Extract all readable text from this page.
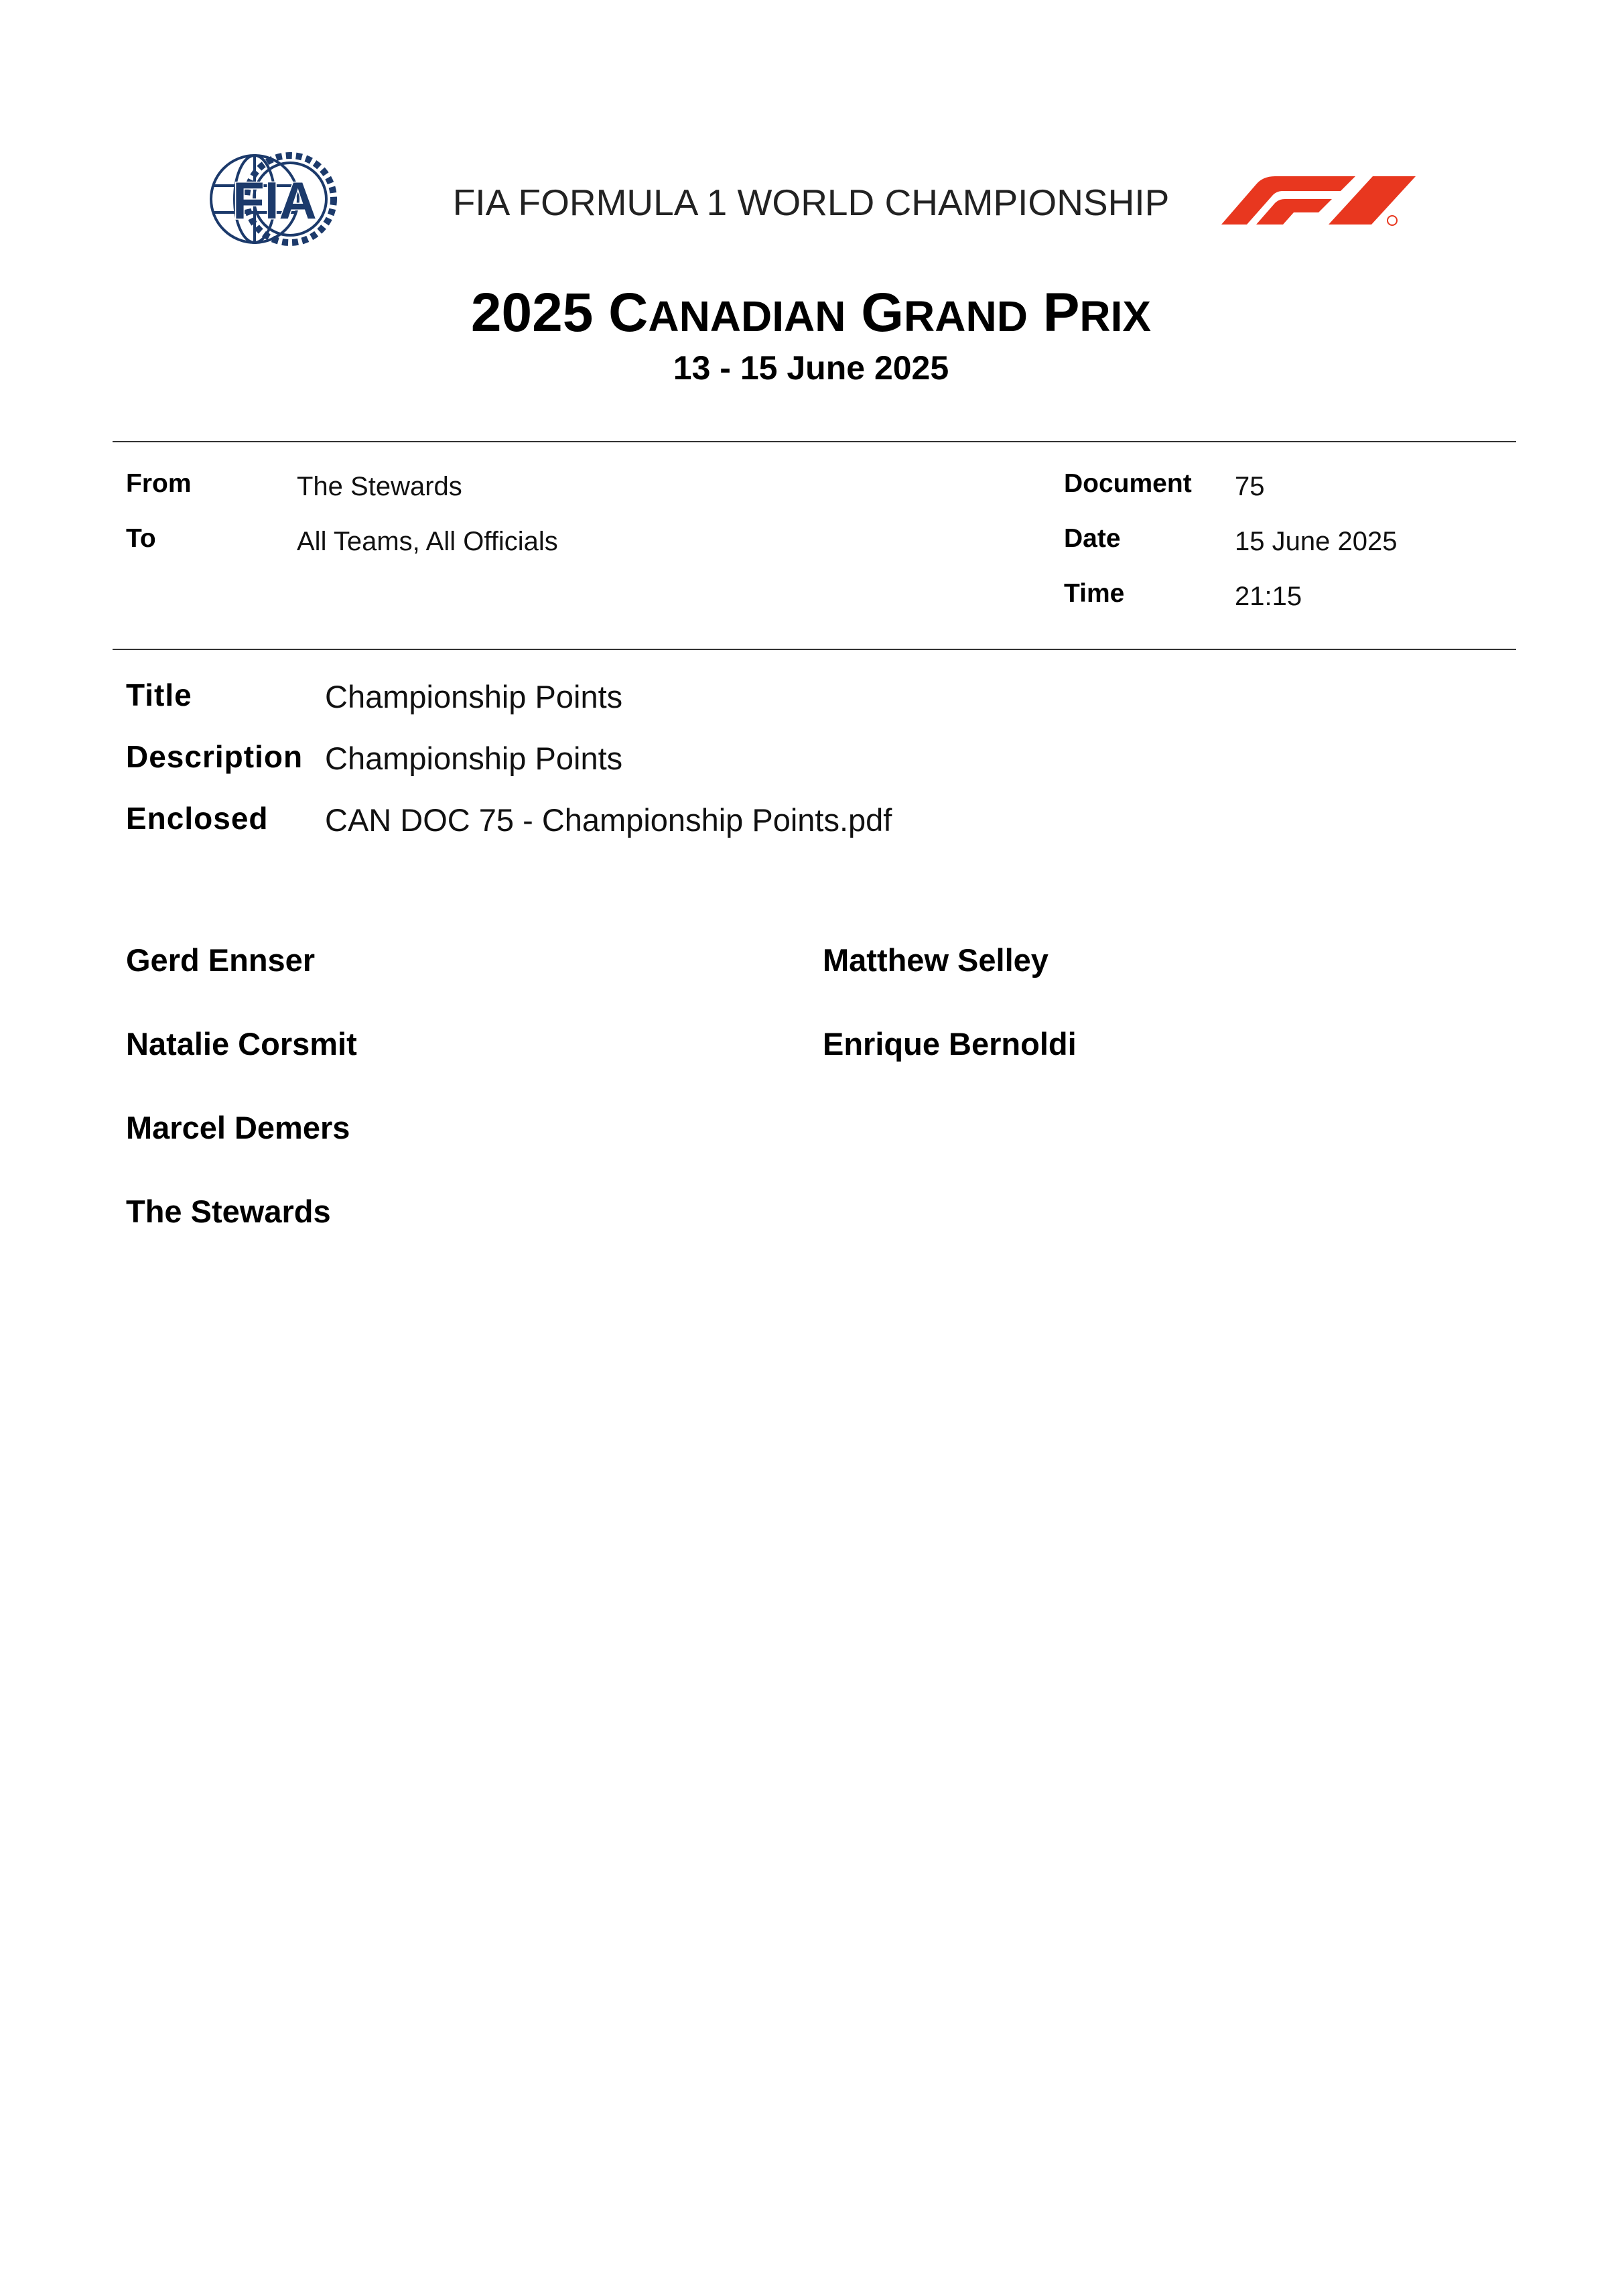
FIA	FIA FORMULA 1 WORLD CHAMPIONSHIP
2025 CANADIAN GRAND PRIX
13 - 15 June 2025
From	The Stewards
To	All Teams, All Officials
Document 75
Date	15 June 2025
Time	21:15
Title	Championship Points
Description Championship Points
Enclosed CAN DOC 75 - Championship Points.pdf
Gerd Ennser
Natalie Corsmit
Marcel Demers
The Stewards
Matthew Selley
Enrique Bernoldi
